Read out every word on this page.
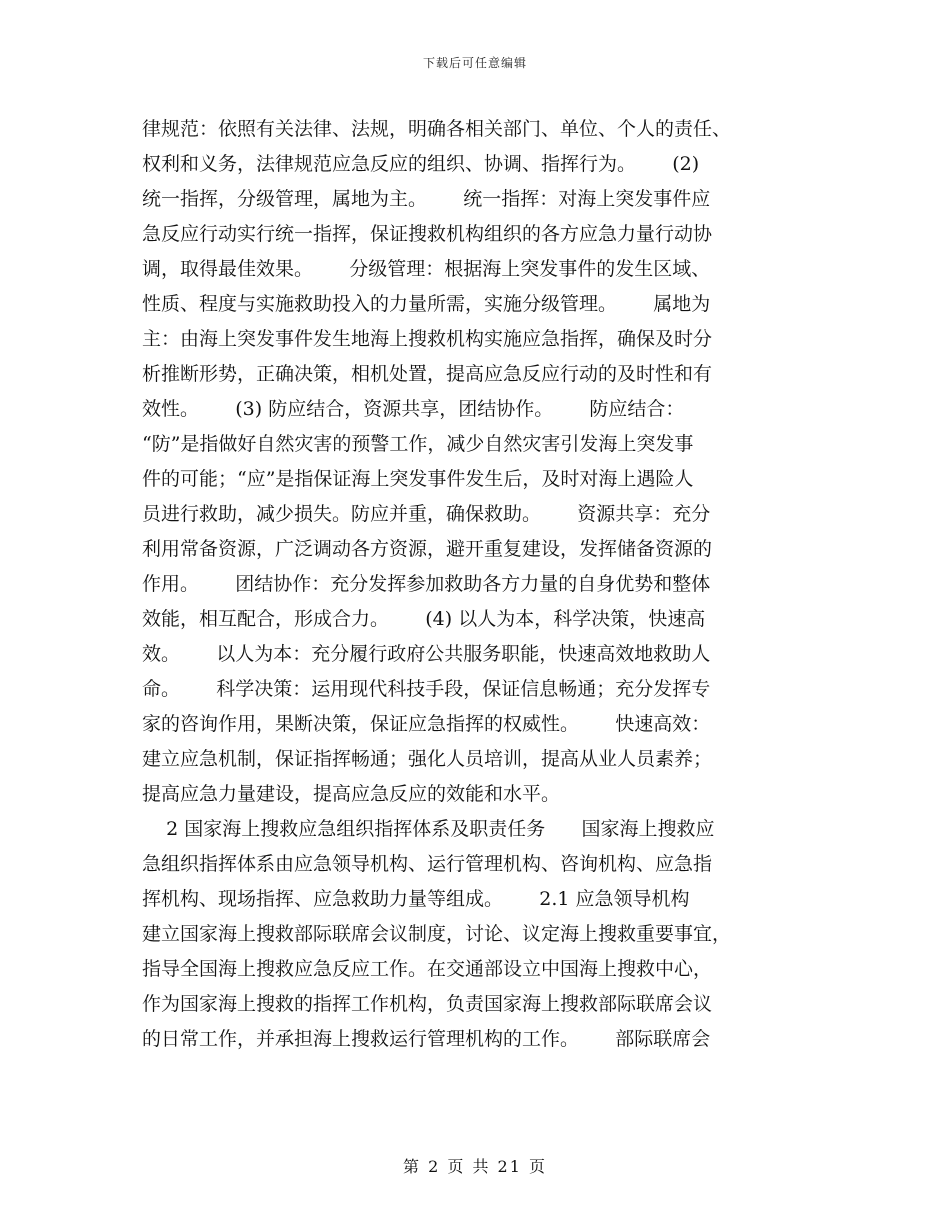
下载后可任意编辑
律规范：依照有关法律、法规，明确各相关部门、单位、个人的责任、
权利和义务，法律规范应急反应的组织、协调、指挥行为。      (2)
统一指挥，分级管理，属地为主。      统一指挥：对海上突发事件应
急反应行动实行统一指挥，保证搜救机构组织的各方应急力量行动协
调，取得最佳效果。      分级管理：根据海上突发事件的发生区域、
性质、程度与实施救助投入的力量所需，实施分级管理。      属地为
主：由海上突发事件发生地海上搜救机构实施应急指挥，确保及时分
析推断形势，正确决策，相机处置，提高应急反应行动的及时性和有
效性。      (3) 防应结合，资源共享，团结协作。      防应结合：
“防”是指做好自然灾害的预警工作，减少自然灾害引发海上突发事
件的可能；“应”是指保证海上突发事件发生后，及时对海上遇险人
员进行救助，减少损失。防应并重，确保救助。      资源共享：充分
利用常备资源，广泛调动各方资源，避开重复建设，发挥储备资源的
作用。      团结协作：充分发挥参加救助各方力量的自身优势和整体
效能，相互配合，形成合力。      (4) 以人为本，科学决策，快速高
效。      以人为本：充分履行政府公共服务职能，快速高效地救助人
命。      科学决策：运用现代科技手段，保证信息畅通；充分发挥专
家的咨询作用，果断决策，保证应急指挥的权威性。      快速高效：
建立应急机制，保证指挥畅通；强化人员培训，提高从业人员素养；
提高应急力量建设，提高应急反应的效能和水平。
2 国家海上搜救应急组织指挥体系及职责任务      国家海上搜救应
急组织指挥体系由应急领导机构、运行管理机构、咨询机构、应急指
挥机构、现场指挥、应急救助力量等组成。      2.1 应急领导机构
建立国家海上搜救部际联席会议制度，讨论、议定海上搜救重要事宜，
指导全国海上搜救应急反应工作。在交通部设立中国海上搜救中心，
作为国家海上搜救的指挥工作机构，负责国家海上搜救部际联席会议
的日常工作，并承担海上搜救运行管理机构的工作。      部际联席会
第 2 页 共 21 页
